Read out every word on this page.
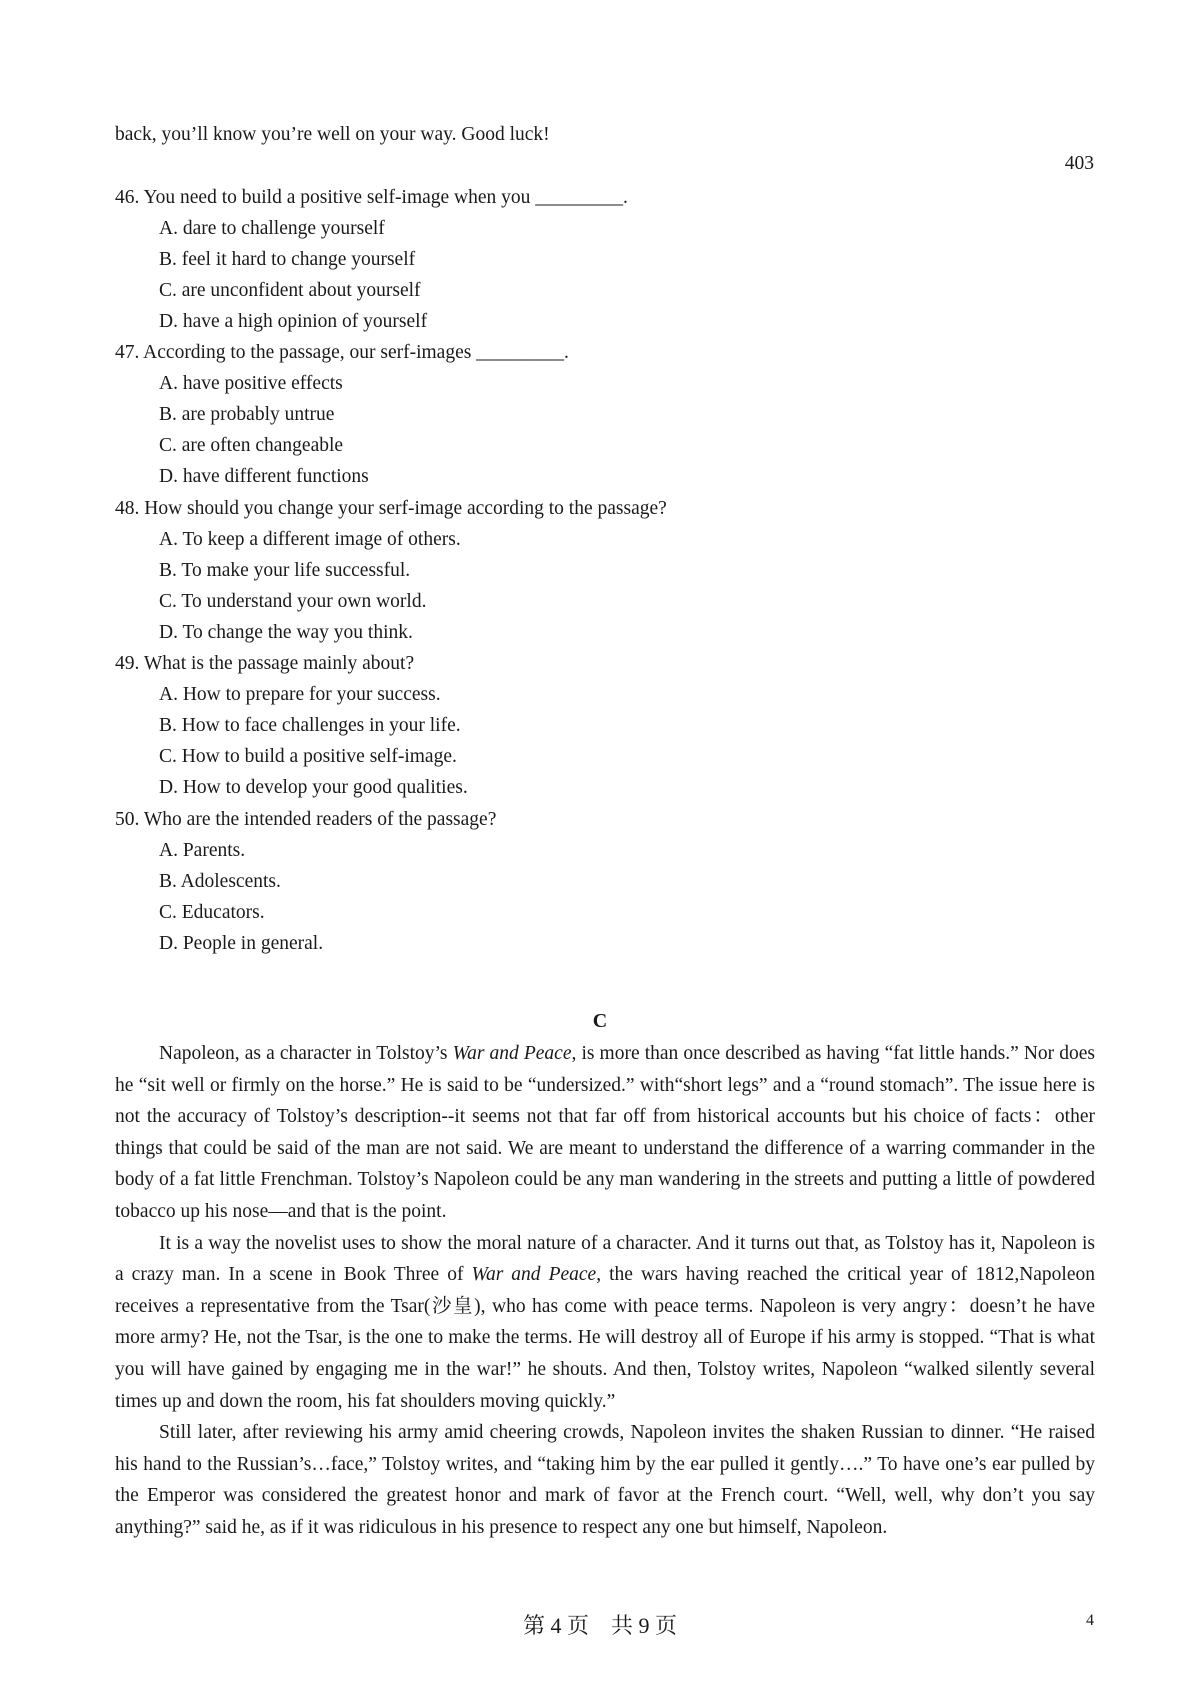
back, you’ll know you’re well on your way. Good luck!
403
46. You need to build a positive self-image when you _________.
A. dare to challenge yourself
B. feel it hard to change yourself
C. are unconfident about yourself
D. have a high opinion of yourself
47. According to the passage, our serf-images _________.
A. have positive effects
B. are probably untrue
C. are often changeable
D. have different functions
48. How should you change your serf-image according to the passage?
A. To keep a different image of others.
B. To make your life successful.
C. To understand your own world.
D. To change the way you think.
49. What is the passage mainly about?
A. How to prepare for your success.
B. How to face challenges in your life.
C. How to build a positive self-image.
D. How to develop your good qualities.
50. Who are the intended readers of the passage?
A. Parents.
B. Adolescents.
C. Educators.
D. People in general.
C

Napoleon, as a character in Tolstoy’s War and Peace, is more than once described as having “fat little hands.” Nor does he “sit well or firmly on the horse.” He is said to be “undersized.” with“short legs” and a “round stomach”. The issue here is not the accuracy of Tolstoy’s description--it seems not that far off from historical accounts but his choice of facts：other things that could be said of the man are not said. We are meant to understand the difference of a warring commander in the body of a fat little Frenchman. Tolstoy’s Napoleon could be any man wandering in the streets and putting a little of powdered tobacco up his nose—and that is the point.

It is a way the novelist uses to show the moral nature of a character. And it turns out that, as Tolstoy has it, Napoleon is a crazy man. In a scene in Book Three of War and Peace, the wars having reached the critical year of 1812,Napoleon receives a representative from the Tsar(沙皇), who has come with peace terms. Napoleon is very angry：doesn’t he have more army? He, not the Tsar, is the one to make the terms. He will destroy all of Europe if his army is stopped. “That is what you will have gained by engaging me in the war!” he shouts. And then, Tolstoy writes, Napoleon “walked silently several times up and down the room, his fat shoulders moving quickly.”

Still later, after reviewing his army amid cheering crowds, Napoleon invites the shaken Russian to dinner. “He raised his hand to the Russian’s…face,” Tolstoy writes, and “taking him by the ear pulled it gently….” To have one’s ear pulled by the Emperor was considered the greatest honor and mark of favor at the French court. “Well, well, why don’t you say anything?” said he, as if it was ridiculous in his presence to respect any one but himself, Napoleon.

第 4 页　共 9 页	4
